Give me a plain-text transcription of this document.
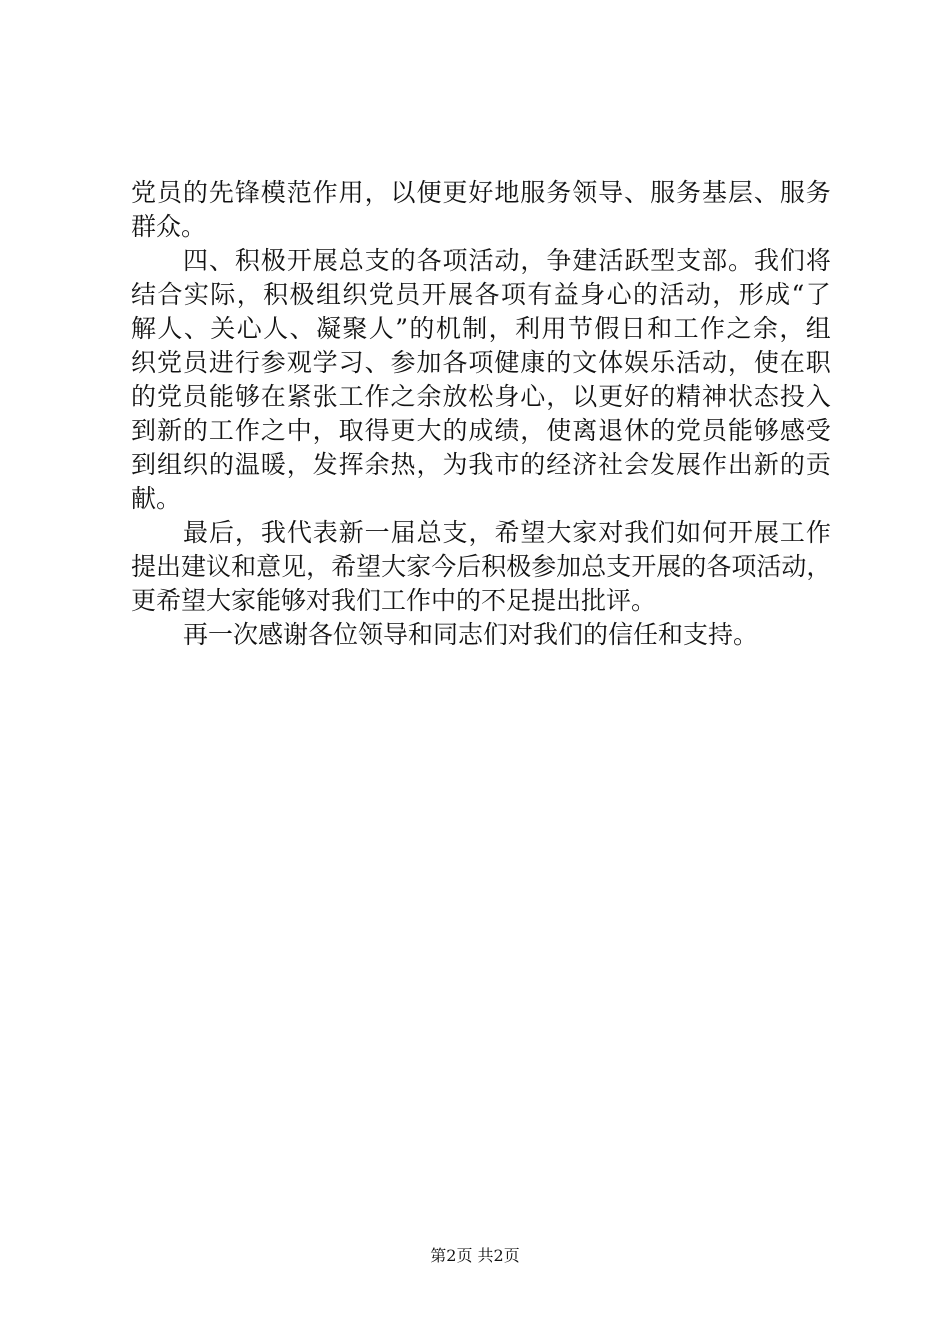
党 员 的 先 锋 模 范 作 用 ， 以 便 更 好 地 服 务 领 导 、 服 务 基 层 、 服 务
群众。
四 、 积 极 开 展 总 支 的 各 项 活 动 ， 争 建 活 跃 型 支 部 。 我 们 将
结 合 实 际 ， 积 极 组 织 党 员 开 展 各 项 有 益 身 心 的 活 动 ， 形 成 “ 了
解 人 、 关 心 人 、 凝 聚 人 ” 的 机 制 ， 利 用 节 假 日 和 工 作 之 余 ， 组
织 党 员 进 行 参 观 学 习 、 参 加 各 项 健 康 的 文 体 娱 乐 活 动 ， 使 在 职
的 党 员 能 够 在 紧 张 工 作 之 余 放 松 身 心 ， 以 更 好 的 精 神 状 态 投 入
到 新 的 工 作 之 中 ， 取 得 更 大 的 成 绩 ， 使 离 退 休 的 党 员 能 够 感 受
到 组 织 的 温 暖 ， 发 挥 余 热 ， 为 我 市 的 经 济 社 会 发 展 作 出 新 的 贡
献。
最 后 ， 我 代 表 新 一 届 总 支 ， 希 望 大 家 对 我 们 如 何 开 展 工 作
提 出 建 议 和 意 见 ， 希 望 大 家 今 后 积 极 参 加 总 支 开 展 的 各 项 活 动 ，
更希望大家能够对我们工作中的不足提出批评。
再一次感谢各位领导和同志们对我们的信任和支持。
第2页 共2页
